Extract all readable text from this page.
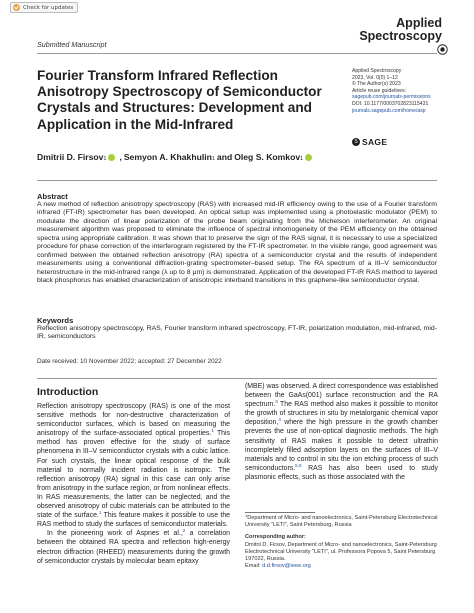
Check for updates
Submitted Manuscript
Applied
Spectroscopy
Applied Spectroscopy
2023, Vol. 0(0) 1–12
© The Author(s) 2023
Article reuse guidelines:
sagepub.com/journals-permissions
DOI: 10.1177/00037028231154​31
journals.sagepub.com/home/asp
S SAGE
Fourier Transform Infrared Reflection Anisotropy Spectroscopy of Semiconductor Crystals and Structures: Development and Application in the Mid-Infrared
Dmitrii D. Firsov$_1$ , Semyon A. Khakhulin$_1$ and Oleg S. Komkov$_1$
Abstract

A new method of reflection anisotropy spectroscopy (RAS) with increased mid-IR efficiency owing to the use of a Fourier transform infrared (FT-IR) spectrometer has been developed. An optical setup was implemented using a photoelastic modulator (PEM) to modulate the direction of linear polarization of the probe beam originating from the Michelson interferometer. An original measurement algorithm was proposed to eliminate the influence of spectral inhomogeneity of the PEM efficiency on the obtained spectra using appropriate calibration. It was shown that to preserve the sign of the RAS signal, it is necessary to use a specialized procedure for phase correction of the interferogram registered by the FT-IR spectrometer. In the visible range, good agreement was confirmed between the obtained reflection anisotropy (RA) spectra of a semiconductor crystal and the results of independent measurements using a conventional diffraction-grating spectrometer–based setup. The RA spectrum of a III–V semiconductor heterostructure in the mid-infrared range (λ up to 8 μm) is demonstrated. Application of the developed FT-IR RAS method to layered black phosphorus has enabled characterization of anisotropic interband transitions in this graphene-like semiconductor crystal.

Keywords

Reflection anisotropy spectroscopy, RAS, Fourier transform infrared spectroscopy, FT-IR, polarization modulation, mid-infrared, mid-IR, semiconductors

Date received: 10 November 2022; accepted: 27 December 2022
Introduction

Reflection anisotropy spectroscopy (RAS) is one of the most sensitive methods for non-destructive characterization of semiconductor surfaces, which is based on measuring the anisotropy of the surface-associated optical properties.$^1$ This method has proven effective for the study of surface phenomena in III–V semiconductor crystals with a cubic lattice. For such crystals, the linear optical response of the bulk material to normally incident radiation is isotropic. The reflection anisotropy (RA) signal in this case can only arise from anisotropy in the surface region, or from nonlinear effects. In RAS measurements, the latter can be neglected, and the observed anisotropy of cubic materials can be attributed to the state of the surface.$^1$ This feature makes it possible to use the RAS method to study the surfaces of semiconductor materials.

In the pioneering work of Aspnes et al.,$^2$ a correlation between the obtained RA spectra and reflection high-energy electron diffraction (RHEED) measurements during the growth of semiconductor crystals by molecular beam epitaxy

(MBE) was observed. A direct correspondence was established between the GaAs(001) surface reconstruction and the RA spectrum.$^3$ The RAS method also makes it possible to monitor the growth of structures in situ by metalorganic chemical vapor deposition,$^4$ where the high pressure in the growth chamber prevents the use of non-optical diagnostic methods. The high sensitivity of RAS makes it possible to detect ultrathin incompletely filled adsorption layers on the surfaces of III–V materials and to control in situ the ion etching process of such semiconductors.$^{5,6}$ RAS has also been used to study plasmonic effects, such as those associated with the

$^1$Department of Micro- and nanoelectronics, Saint-Petersburg Electrotechnical University “LETI”, Saint Petersburg, Russia
Corresponding author:
Dmitrii D. Firsov, Department of Micro- and nanoelectronics, Saint-Petersburg Electrotechnical University “LETI”, ul. Professora Popova 5, Saint Petersburg 197022, Russia.
Email: d.d.firsov@ieee.org
